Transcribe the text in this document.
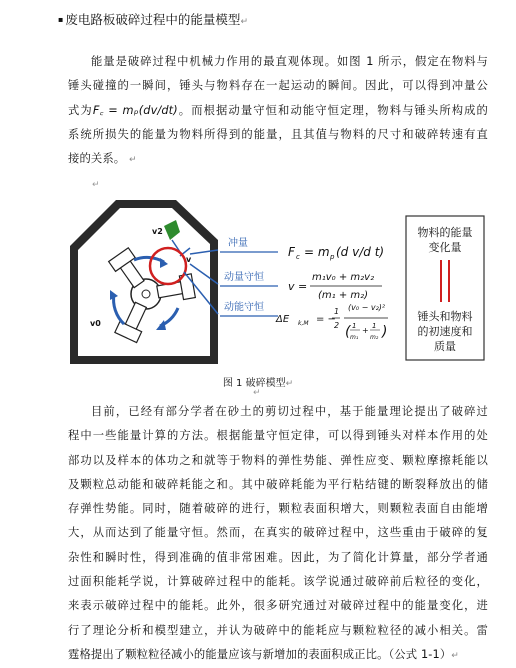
▪ 废电路板破碎过程中的能量模型↵
能量是破碎过程中机械力作用的最直观体现。如图 1 所示，假定在物料与
锤头碰撞的一瞬间，锤头与物料存在一起运动的瞬间。因此，可以得到冲量公
式为F꜀ = mₚ(dv/dt)。而根据动量守恒和动能守恒定理，物料与锤头所构成的
系统所损失的能量为物料所得到的能量，且其值与物料的尺寸和破碎转速有直
接的关系。 ↵
↵
v2
v
v0
冲量
动量守恒
动能守恒
F c = m p (d v/d t)
v =
m₁v₀ + m₂v₂
(m₁ + m₂)
ΔE k,M = −
1
2
(v₀ − v₂)²
( 1
m₁
+ 1
m₂ )
物料的能量
变化量
锤头和物料
的初速度和
质量
图 1 破碎模型↵
↵
目前，已经有部分学者在砂土的剪切过程中，基于能量理论提出了破碎过
程中一些能量计算的方法。根据能量守恒定律，可以得到锤头对样本作用的处
部功以及样本的体功之和就等于物料的弹性势能、弹性应变、颗粒摩擦耗能以
及颗粒总动能和破碎耗能之和。其中破碎耗能为平行粘结键的断裂释放出的储
存弹性势能。同时，随着破碎的进行，颗粒表面积增大，则颗粒表面自由能增
大，从而达到了能量守恒。然而，在真实的破碎过程中，这些重由于破碎的复
杂性和瞬时性，得到准确的值非常困难。因此，为了简化计算量，部分学者通
过面积能耗学说，计算破碎过程中的能耗。该学说通过破碎前后粒径的变化，
来表示破碎过程中的能耗。此外，很多研究通过对破碎过程中的能量变化，进
行了理论分析和模型建立，并认为破碎中的能耗应与颗粒粒径的减小相关。雷
霆格提出了颗粒粒径减小的能量应该与新增加的表面积成正比。（公式 1-1）↵
